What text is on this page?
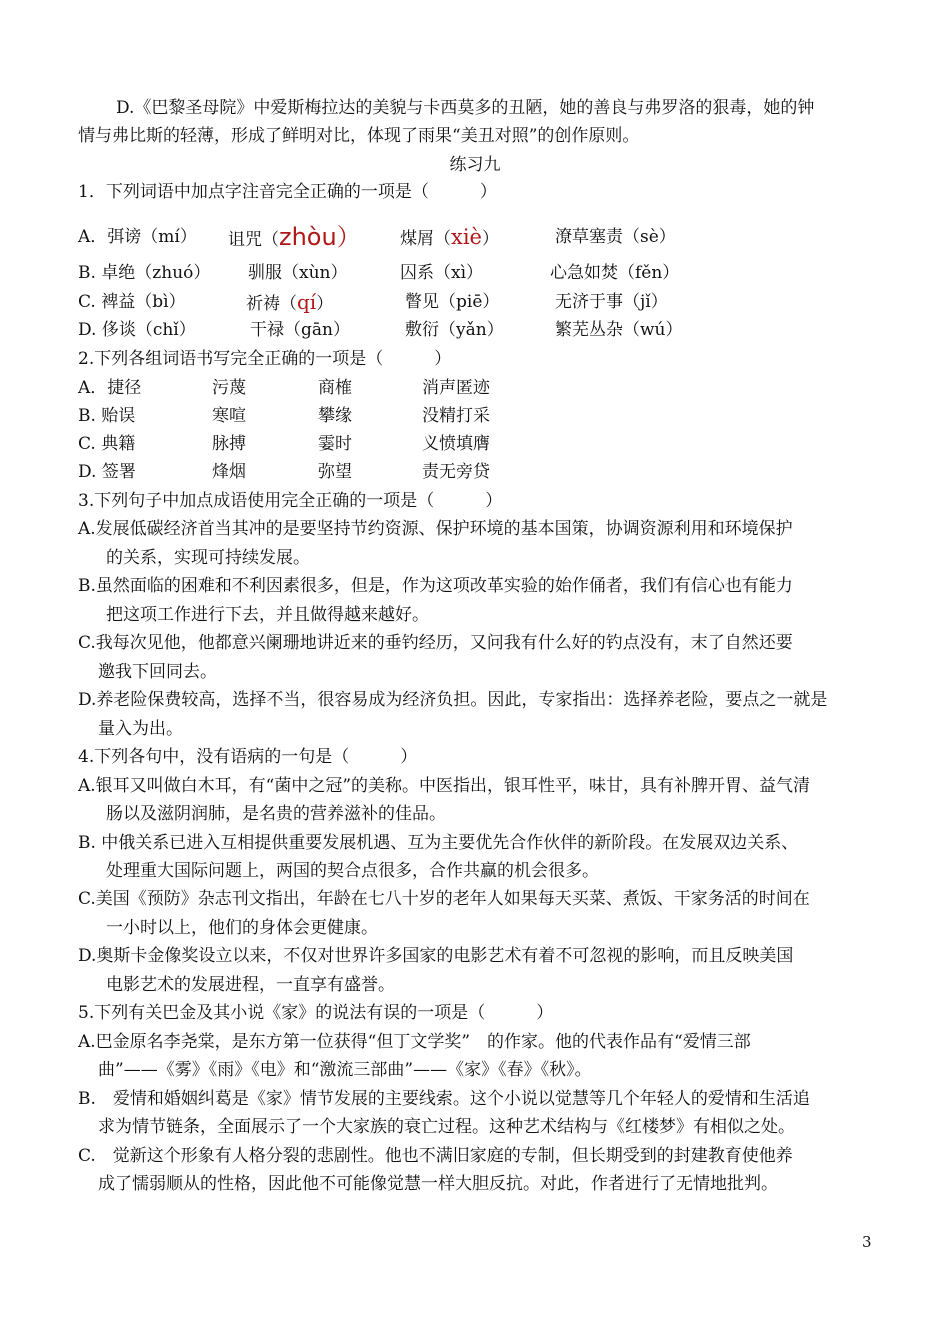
D.《巴黎圣母院》中爱斯梅拉达的美貌与卡西莫多的丑陋，她的善良与弗罗洛的狠毒，她的钟
情与弗比斯的轻薄，形成了鲜明对比，体现了雨果“美丑对照”的创作原则。
练习九
1．下列词语中加点字注音完全正确的一项是（　　　）
A．弭谤（mí） 诅咒（zhòu） 煤屑（xiè）	潦草塞责（sè）
B. 卓绝（zhuó） 驯服（xùn）	囚系（xì）	心急如焚（fěn）
C. 裨益（bì）	祈祷（qí）	瞥见（piē）	无济于事（jǐ）
D. 侈谈（chǐ）	干禄（gān）	敷衍（yǎn）	繁芜丛杂（wú）
2.下列各组词语书写完全正确的一项是（　　　）
A．捷径	污蔑	商榷	消声匿迹
B. 贻误	寒喧	攀缘	没精打采
C. 典籍	脉搏	霎时	义愤填膺
D. 签署	烽烟	弥望	责无旁贷
3.下列句子中加点成语使用完全正确的一项是（　　　）
A.发展低碳经济首当其冲的是要坚持节约资源、保护环境的基本国策，协调资源利用和环境保护
的关系，实现可持续发展。
B.虽然面临的困难和不利因素很多，但是，作为这项改革实验的始作俑者，我们有信心也有能力
把这项工作进行下去，并且做得越来越好。
C.我每次见他，他都意兴阑珊地讲近来的垂钓经历，又问我有什么好的钓点没有，末了自然还要
邀我下回同去。
D.养老险保费较高，选择不当，很容易成为经济负担。因此，专家指出：选择养老险，要点之一就是
量入为出。
4.下列各句中，没有语病的一句是（　　　）
A.银耳又叫做白木耳，有“菌中之冠”的美称。中医指出，银耳性平，味甘，具有补脾开胃、益气清
肠以及滋阴润肺，是名贵的营养滋补的佳品。
B. 中俄关系已进入互相提供重要发展机遇、互为主要优先合作伙伴的新阶段。在发展双边关系、
处理重大国际问题上，两国的契合点很多，合作共赢的机会很多。
C.美国《预防》杂志刊文指出，年龄在七八十岁的老年人如果每天买菜、煮饭、干家务活的时间在
一小时以上，他们的身体会更健康。
D.奥斯卡金像奖设立以来，不仅对世界许多国家的电影艺术有着不可忽视的影响，而且反映美国
电影艺术的发展进程，一直享有盛誉。
5.下列有关巴金及其小说《家》的说法有误的一项是（　　　）
A.巴金原名李尧棠，是东方第一位获得“但丁文学奖”　的作家。他的代表作品有“爱情三部
曲”——《雾》《雨》《电》和“激流三部曲”——《家》《春》《秋》。
B.　爱情和婚姻纠葛是《家》情节发展的主要线索。这个小说以觉慧等几个年轻人的爱情和生活追
求为情节链条，全面展示了一个大家族的衰亡过程。这种艺术结构与《红楼梦》有相似之处。
C.　觉新这个形象有人格分裂的悲剧性。他也不满旧家庭的专制，但长期受到的封建教育使他养
成了懦弱顺从的性格，因此他不可能像觉慧一样大胆反抗。对此，作者进行了无情地批判。
3
